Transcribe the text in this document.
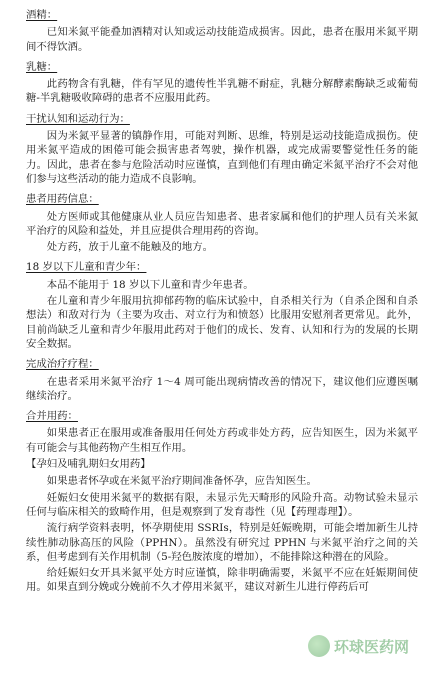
酒精：
已知米氮平能叠加酒精对认知或运动技能造成损害。因此，患者在服用米氮平期间不得饮酒。
乳糖：
此药物含有乳糖，伴有罕见的遗传性半乳糖不耐症，乳糖分解酵素酶缺乏或葡萄糖-半乳糖吸收障碍的患者不应服用此药。
干扰认知和运动行为：
因为米氮平显著的镇静作用，可能对判断、思维，特别是运动技能造成损伤。使用米氮平造成的困倦可能会损害患者驾驶，操作机器，或完成需要警觉性任务的能力。因此，患者在参与危险活动时应谨慎，直到他们有理由确定米氮平治疗不会对他们参与这些活动的能力造成不良影响。
患者用药信息：
处方医师或其他健康从业人员应告知患者、患者家属和他们的护理人员有关米氮平治疗的风险和益处，并且应提供合理用药的咨询。
处方药，放于儿童不能触及的地方。
18 岁以下儿童和青少年：
本品不能用于 18 岁以下儿童和青少年患者。
在儿童和青少年服用抗抑郁药物的临床试验中，自杀相关行为（自杀企图和自杀想法）和敌对行为（主要为攻击、对立行为和愤怒）比服用安慰剂者更常见。此外，目前尚缺乏儿童和青少年服用此药对于他们的成长、发育、认知和行为的发展的长期安全数据。
完成治疗疗程：
在患者采用米氮平治疗 1～4 周可能出现病情改善的情况下，建议他们应遵医嘱继续治疗。
合并用药：
如果患者正在服用或准备服用任何处方药或非处方药，应告知医生，因为米氮平有可能会与其他药物产生相互作用。
【孕妇及哺乳期妇女用药】
如果患者怀孕或在米氮平治疗期间准备怀孕，应告知医生。
妊娠妇女使用米氮平的数据有限，未显示先天畸形的风险升高。动物试验未显示任何与临床相关的致畸作用，但是观察到了发育毒性（见【药理毒理】）。
流行病学资料表明，怀孕期使用 SSRIs，特别是妊娠晚期，可能会增加新生儿持续性肺动脉高压的风险（PPHN）。虽然没有研究过 PPHN 与米氮平治疗之间的关系，但考虑到有关作用机制（5-羟色胺浓度的增加），不能排除这种潜在的风险。
给妊娠妇女开具米氮平处方时应谨慎，除非明确需要，米氮平不应在妊娠期间使用。如果直到分娩或分娩前不久才停用米氮平，建议对新生儿进行停药后可
环球医药网
